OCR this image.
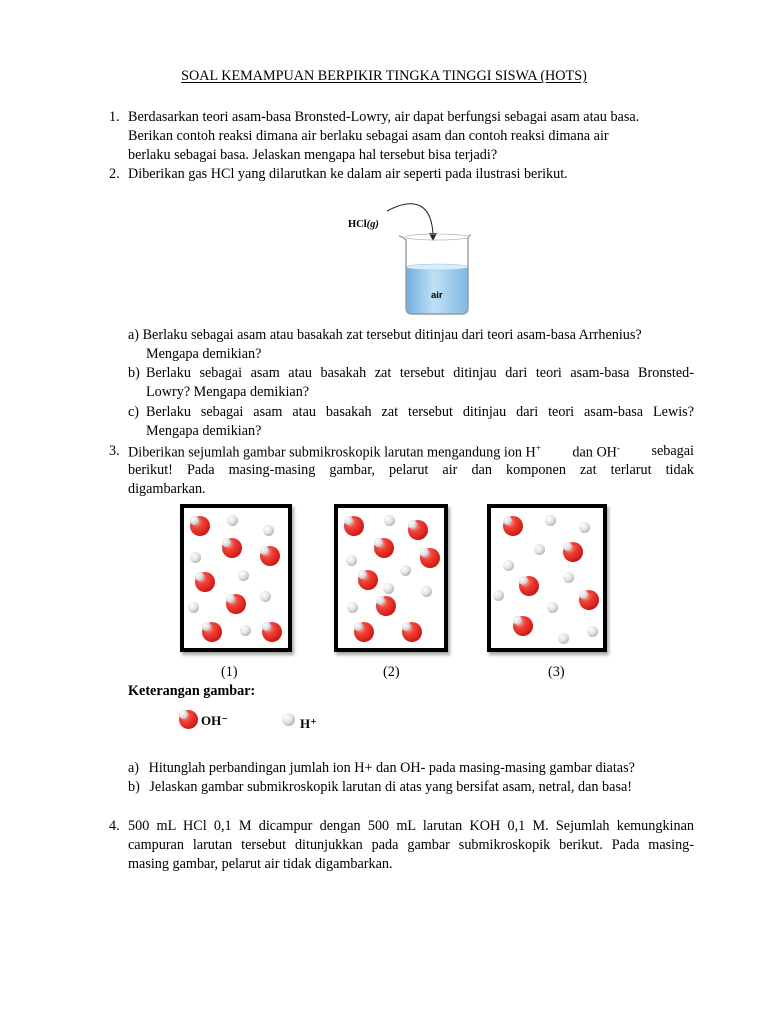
SOAL KEMAMPUAN BERPIKIR TINGKA TINGGI SISWA (HOTS)
1. Berdasarkan teori asam-basa Bronsted-Lowry, air dapat berfungsi sebagai asam atau basa.
Berikan contoh reaksi dimana air berlaku sebagai asam dan contoh reaksi dimana air
berlaku sebagai basa. Jelaskan mengapa hal tersebut bisa terjadi?
2. Diberikan gas HCl yang dilarutkan ke dalam air seperti pada ilustrasi berikut.
HCl(g)
air
a) Berlaku sebagai asam atau basakah zat tersebut ditinjau dari teori asam-basa Arrhenius?
Mengapa demikian?
b) Berlaku sebagai asam atau basakah zat tersebut ditinjau dari teori asam-basa Bronsted-
Lowry? Mengapa demikian?
c) Berlaku sebagai asam atau basakah zat tersebut ditinjau dari teori asam-basa Lewis?
Mengapa demikian?
3. Diberikan sejumlah gambar submikroskopik larutan mengandung ion H+ dan OH- sebagai
berikut! Pada masing-masing gambar, pelarut air dan komponen zat terlarut tidak
digambarkan.
(1)	(2)	(3)
Keterangan gambar:
OH⁻	H⁺
a) Hitunglah perbandingan jumlah ion H+ dan OH- pada masing-masing gambar diatas?
b) Jelaskan gambar submikroskopik larutan di atas yang bersifat asam, netral, dan basa!
4. 500 mL HCl 0,1 M dicampur dengan 500 mL larutan KOH 0,1 M. Sejumlah kemungkinan
campuran larutan tersebut ditunjukkan pada gambar submikroskopik berikut. Pada masing-
masing gambar, pelarut air tidak digambarkan.
